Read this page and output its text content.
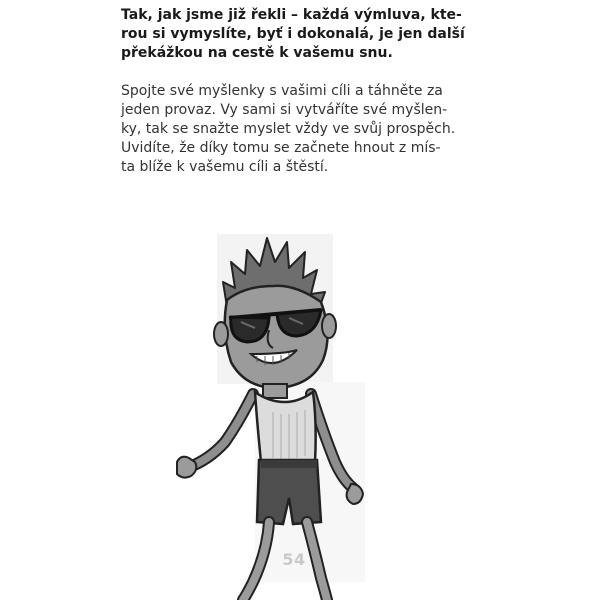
Tak, jak jsme již řekli – každá výmluva, kte-
rou si vymyslíte, byť i dokonalá, je jen další
překážkou na cestě k vašemu snu.

Spojte své myšlenky s vašimi cíli a táhněte za
jeden provaz. Vy sami si vytváříte své myšlen-
ky, tak se snažte myslet vždy ve svůj prospěch.
Uvidíte, že díky tomu se začnete hnout z mís-
ta blíže k vašemu cíli a štěstí.

54
